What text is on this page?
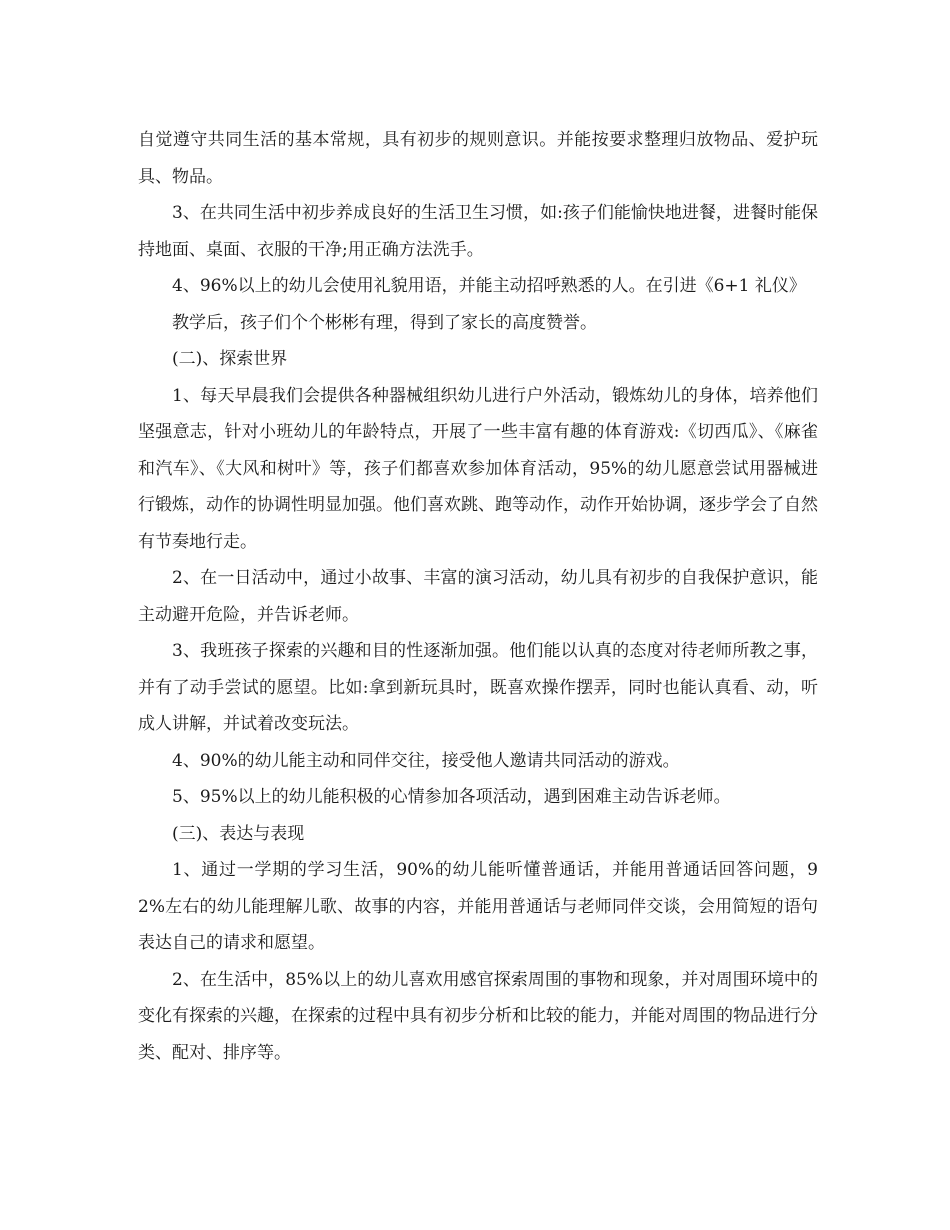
自觉遵守共同生活的基本常规，具有初步的规则意识。并能按要求整理归放物品、爱护玩具、物品。

3、在共同生活中初步养成良好的生活卫生习惯，如:孩子们能愉快地进餐，进餐时能保持地面、桌面、衣服的干净;用正确方法洗手。

4、96%以上的幼儿会使用礼貌用语，并能主动招呼熟悉的人。在引进《6+1 礼仪》

教学后，孩子们个个彬彬有理，得到了家长的高度赞誉。

(二)、探索世界

1、每天早晨我们会提供各种器械组织幼儿进行户外活动，锻炼幼儿的身体，培养他们坚强意志，针对小班幼儿的年龄特点，开展了一些丰富有趣的体育游戏:《切西瓜》、《麻雀和汽车》、《大风和树叶》等，孩子们都喜欢参加体育活动，95%的幼儿愿意尝试用器械进行锻炼，动作的协调性明显加强。他们喜欢跳、跑等动作，动作开始协调，逐步学会了自然有节奏地行走。

2、在一日活动中，通过小故事、丰富的演习活动，幼儿具有初步的自我保护意识，能主动避开危险，并告诉老师。

3、我班孩子探索的兴趣和目的性逐渐加强。他们能以认真的态度对待老师所教之事，并有了动手尝试的愿望。比如:拿到新玩具时，既喜欢操作摆弄，同时也能认真看、动，听成人讲解，并试着改变玩法。

4、90%的幼儿能主动和同伴交往，接受他人邀请共同活动的游戏。

5、95%以上的幼儿能积极的心情参加各项活动，遇到困难主动告诉老师。

(三)、表达与表现

1、通过一学期的学习生活，90%的幼儿能听懂普通话，并能用普通话回答问题，92%左右的幼儿能理解儿歌、故事的内容，并能用普通话与老师同伴交谈，会用简短的语句表达自己的请求和愿望。

2、在生活中，85%以上的幼儿喜欢用感官探索周围的事物和现象，并对周围环境中的变化有探索的兴趣，在探索的过程中具有初步分析和比较的能力，并能对周围的物品进行分类、配对、排序等。
